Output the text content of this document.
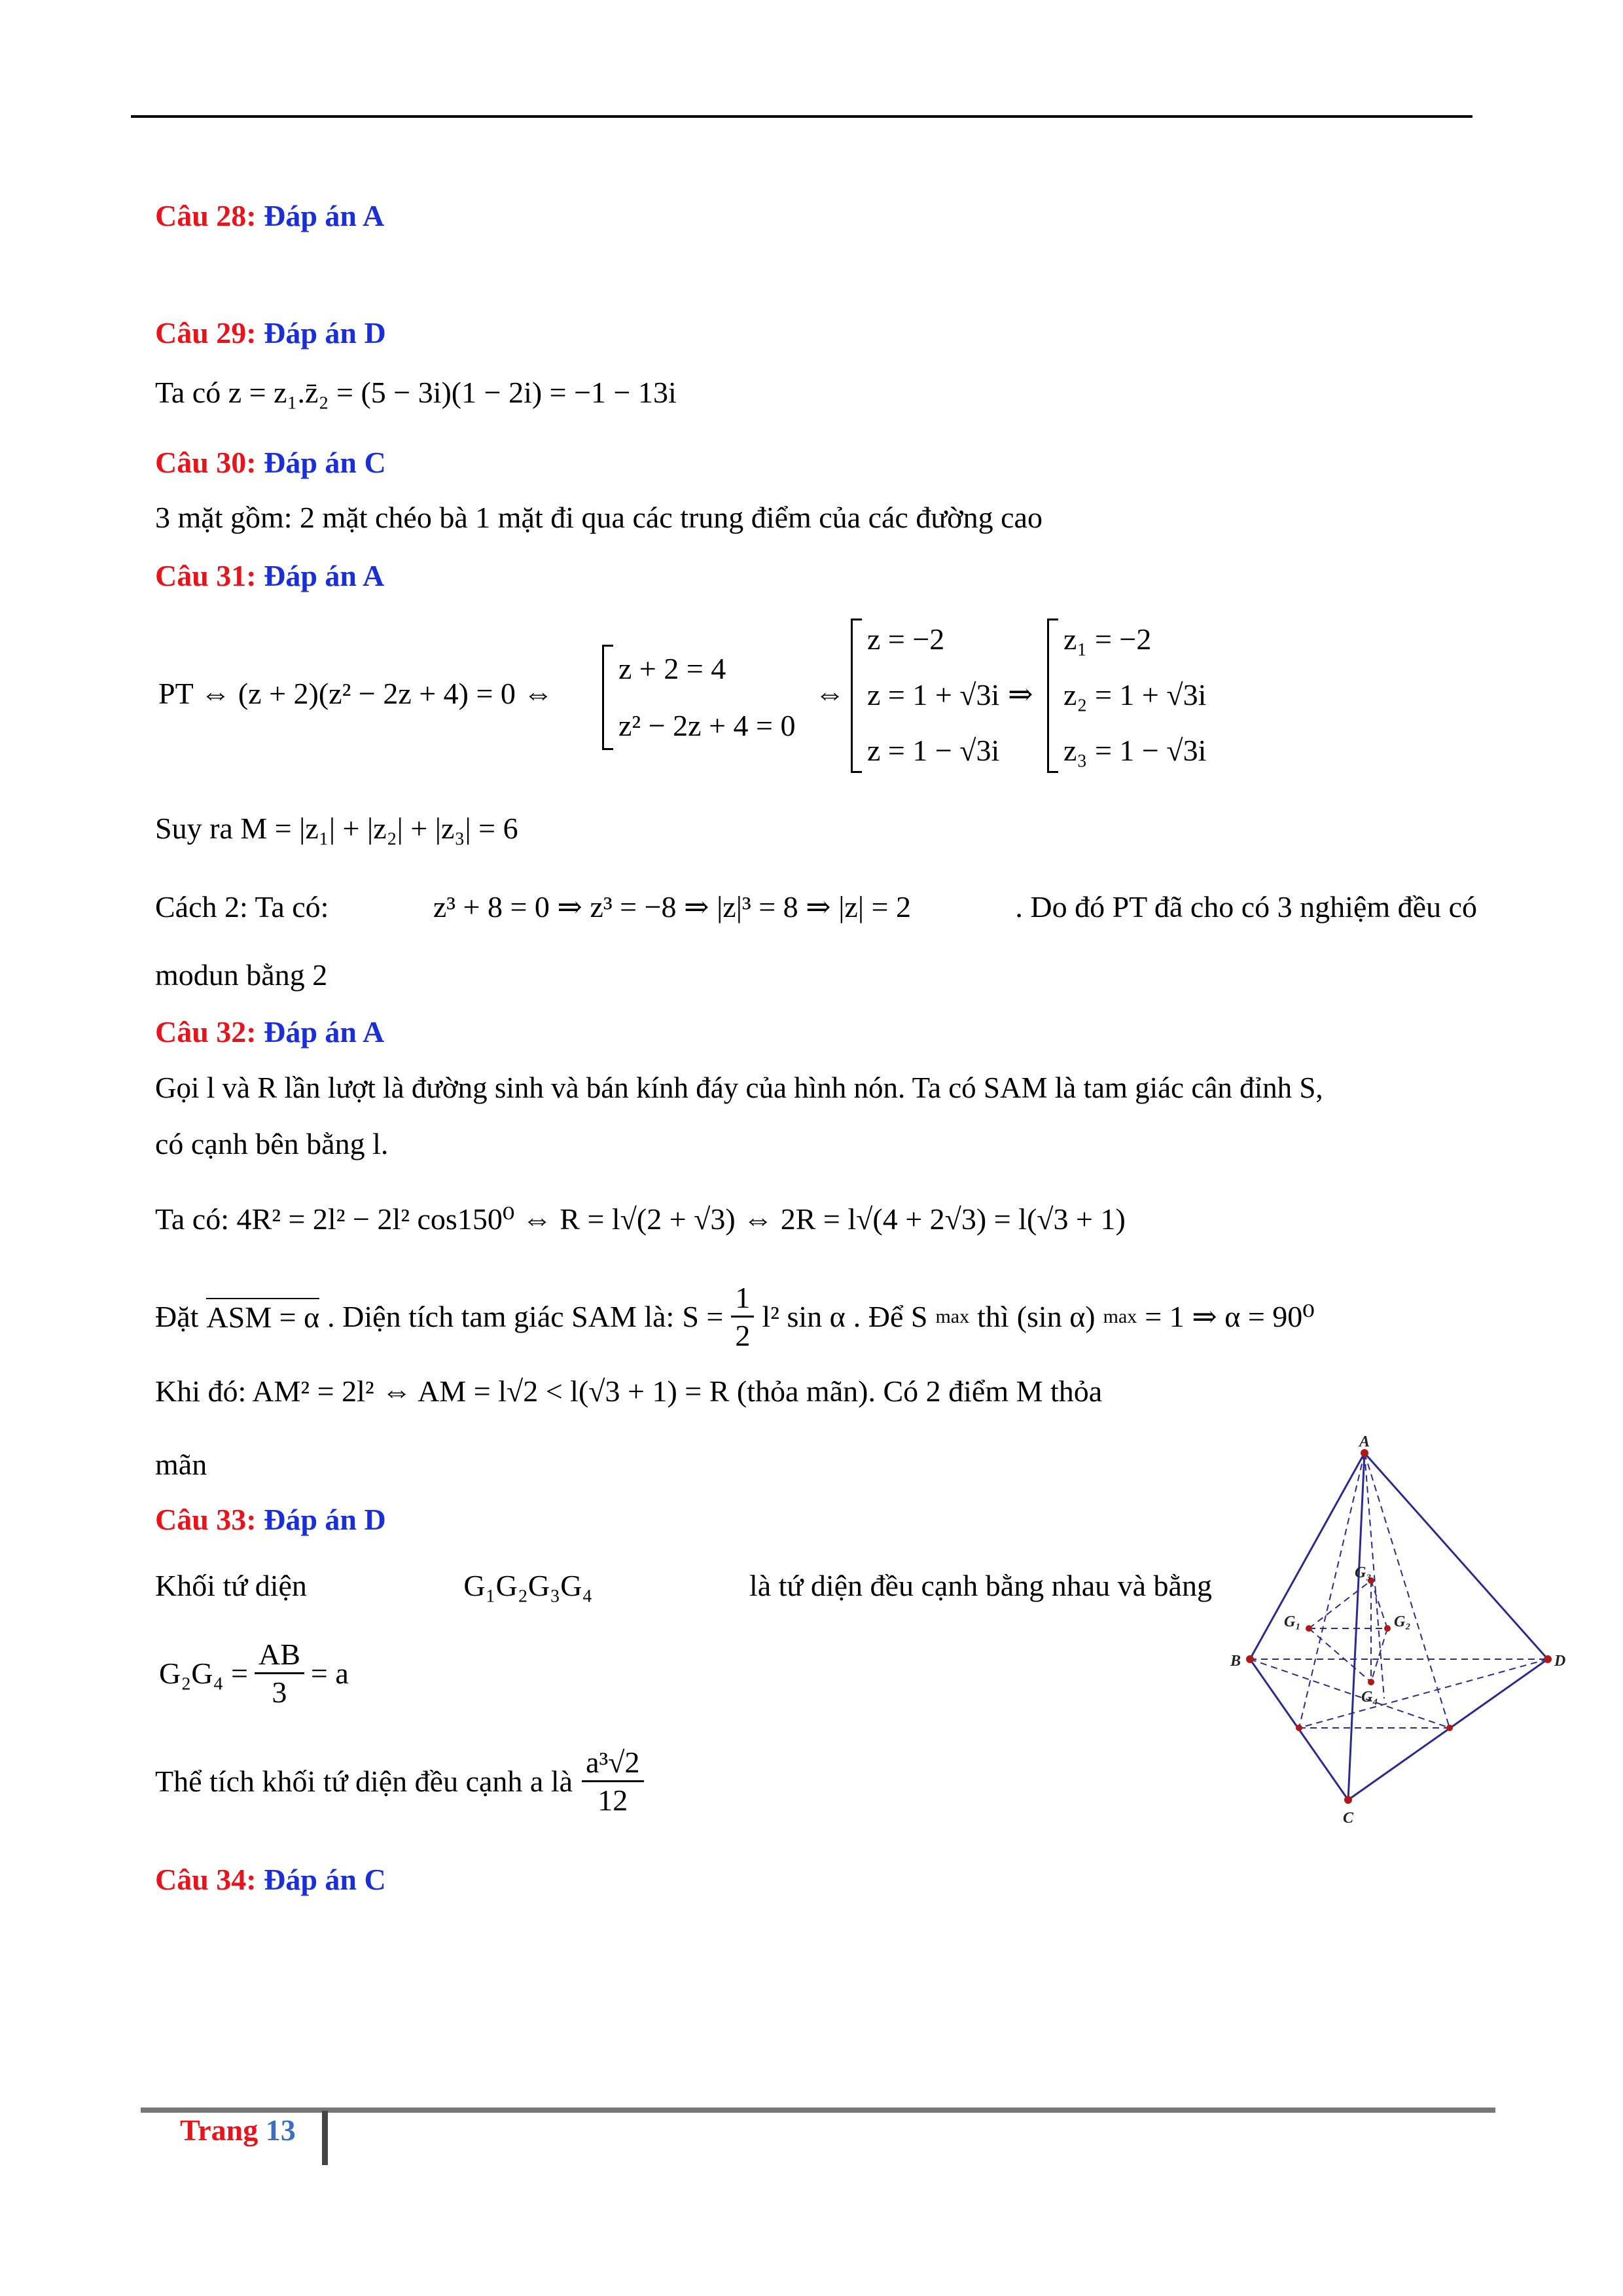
Câu 28: Đáp án A
Câu 29: Đáp án D
Ta có z = z₁.z̄₂ = (5 − 3i)(1 − 2i) = −1 − 13i
Câu 30: Đáp án C
3 mặt gồm: 2 mặt chéo bà 1 mặt đi qua các trung điểm của các đường cao
Câu 31: Đáp án A
PT ⇔ (z + 2)(z² − 2z + 4) = 0 ⇔
z + 2 = 4
z² − 2z + 4 = 0
⇔
z = −2
z = 1 + √3i
z = 1 − √3i
⇒
z₁ = −2
z₂ = 1 + √3i
z₃ = 1 − √3i
Suy ra M = |z₁| + |z₂| + |z₃| = 6
Cách 2: Ta có:	z³ + 8 = 0 ⇒ z³ = −8 ⇒ |z|³ = 8 ⇒ |z| = 2	. Do đó PT đã cho có 3 nghiệm đều có
modun bằng 2
Câu 32: Đáp án A
Gọi l và R lần lượt là đường sinh và bán kính đáy của hình nón. Ta có SAM là tam giác cân đỉnh S,
có cạnh bên bằng l.
Ta có: 4R² = 2l² − 2l² cos150⁰ ⇔ R = l√(2 + √3) ⇔ 2R = l√(4 + 2√3) = l(√3 + 1)
Đặt ASM = α . Diện tích tam giác SAM là: $S = \frac{1}{2} l^2$ sin α . Để S max thì (sin α) max = 1 ⇒ α = 90⁰
Khi đó: AM² = 2l² ⇔ AM = l√2 < l(√3 + 1) = R (thỏa mãn). Có 2 điểm M thỏa
mãn
Câu 33: Đáp án D
Khối tứ diện	G₁G₂G₃G₄	là tứ diện đều cạnh bằng nhau và bằng
$G_2G_4 = \frac{AB}{3} = a$
Thể tích khối tứ diện đều cạnh a là $\frac{\text{a³√2}}{12}$
Câu 34: Đáp án C
A
B	D
C
G₁	G₂
G₃
G₄
Trang 13
